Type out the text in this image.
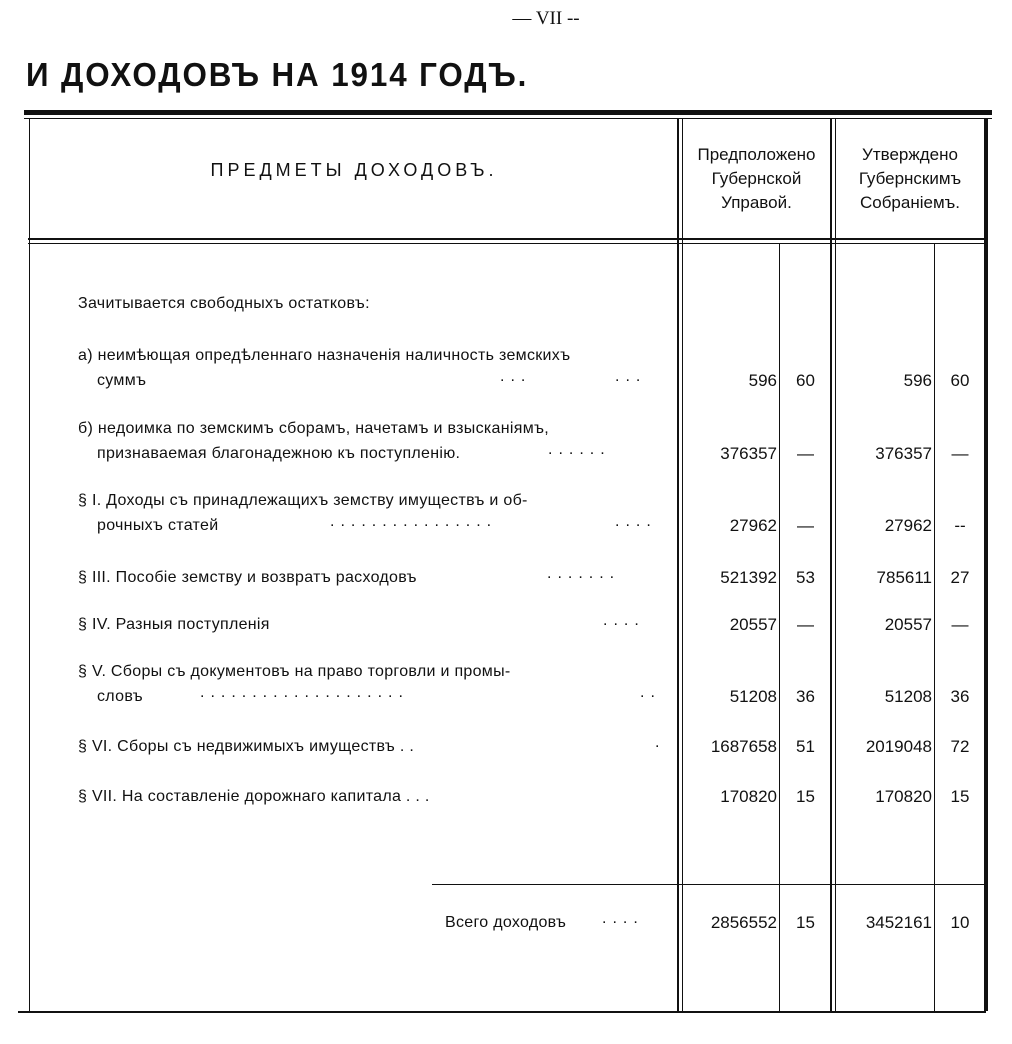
— VII --
И ДОХОДОВЪ НА 1914 ГОДЪ.
ПРЕДМЕТЫ ДОХОДОВЪ.
Предположено
Губернской
Управой.
Утверждено
Губернскимъ
Собраніемъ.
Зачитывается свободныхъ остатковъ:
а) неимѣющая опредѣленнаго назначенія наличность земскихъ
суммъ	...	...	596	60	596	60
б) недоимка по земскимъ сборамъ, начетамъ и взысканіямъ,
признаваемая благонадежною къ поступленію.	......	376357	—	376357	—
§ I. Доходы съ принадлежащихъ земству имуществъ и об-
рочныхъ статей	................	....	27962	—	27962	--
§ III. Пособіе земству и возвратъ расходовъ	.......	521392	53	785611	27
§ IV. Разныя поступленія	....	20557	—	20557	—
§ V. Сборы съ документовъ на право торговли и промы-
словъ	....................	..	51208	36	51208	36
§ VI. Сборы съ недвижимыхъ имуществъ . .	.	1687658	51	2019048	72
§ VII. На составленіе дорожнаго капитала . . .	170820	15	170820	15
Всего доходовъ ....	2856552	15	3452161	10
